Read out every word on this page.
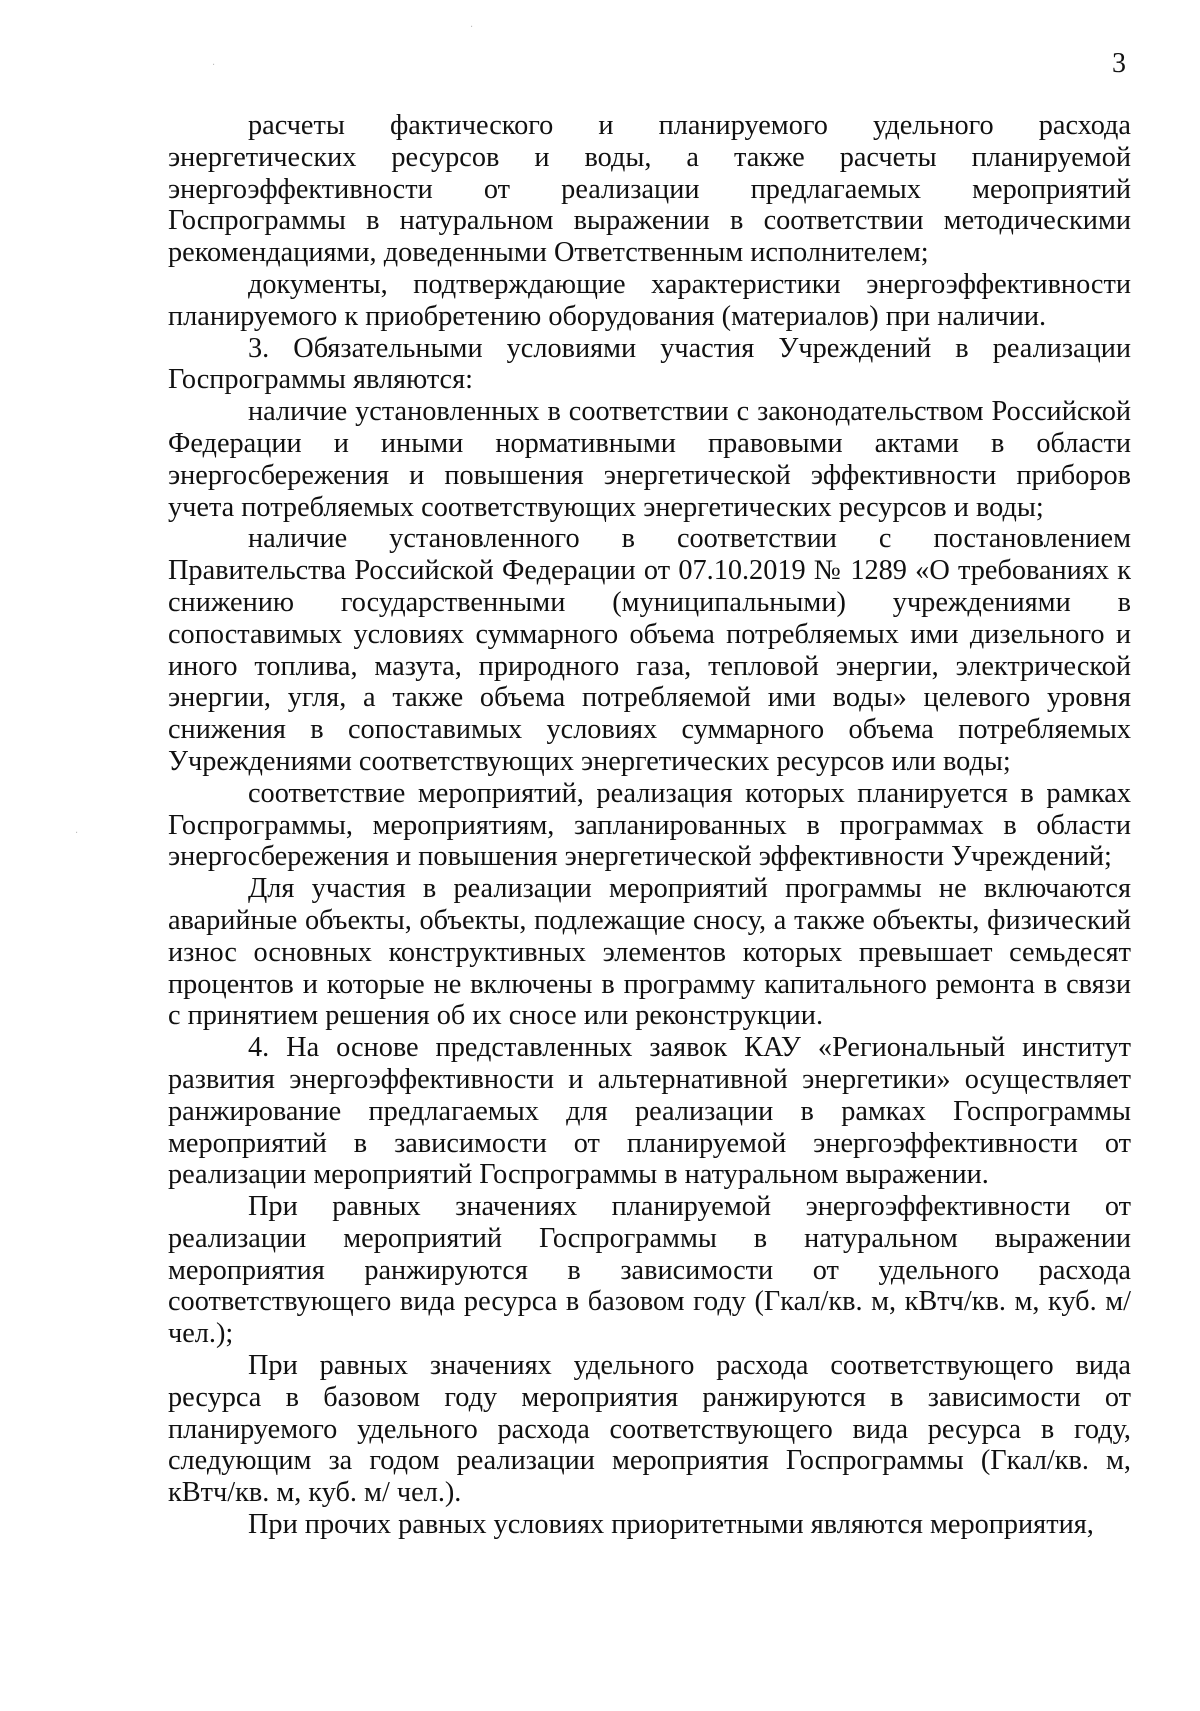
3
·
·
·

расчеты фактического и планируемого удельного расхода энергетических ресурсов и воды, а также расчеты планируемой энергоэффективности от реализации предлагаемых мероприятий Госпрограммы в натуральном выражении в соответствии методическими рекомендациями, доведенными Ответственным исполнителем;

документы, подтверждающие характеристики энергоэффективности планируемого к приобретению оборудования (материалов) при наличии.

3. Обязательными условиями участия Учреждений в реализации Госпрограммы являются:

наличие установленных в соответствии с законодательством Российской Федерации и иными нормативными правовыми актами в области энергосбережения и повышения энергетической эффективности приборов учета потребляемых соответствующих энергетических ресурсов и воды;

наличие установленного в соответствии с постановлением Правительства Российской Федерации от 07.10.2019 № 1289 «О требованиях к снижению государственными (муниципальными) учреждениями в сопоставимых условиях суммарного объема потребляемых ими дизельного и иного топлива, мазута, природного газа, тепловой энергии, электрической энергии, угля, а также объема потребляемой ими воды» целевого уровня снижения в сопоставимых условиях суммарного объема потребляемых Учреждениями соответствующих энергетических ресурсов или воды;

соответствие мероприятий, реализация которых планируется в рамках Госпрограммы, мероприятиям, запланированных в программах в области энергосбережения и повышения энергетической эффективности Учреждений;

Для участия в реализации мероприятий программы не включаются аварийные объекты, объекты, подлежащие сносу, а также объекты, физический износ основных конструктивных элементов которых превышает семьдесят процентов и которые не включены в программу капитального ремонта в связи с принятием решения об их сносе или реконструкции.

4. На основе представленных заявок КАУ «Региональный институт развития энергоэффективности и альтернативной энергетики» осуществляет ранжирование предлагаемых для реализации в рамках Госпрограммы мероприятий в зависимости от планируемой энергоэффективности от реализации мероприятий Госпрограммы в натуральном выражении.

При равных значениях планируемой энергоэффективности от реализации мероприятий Госпрограммы в натуральном выражении мероприятия ранжируются в зависимости от удельного расхода соответствующего вида ресурса в базовом году (Гкал/кв. м, кВтч/кв. м, куб. м/чел.);

При равных значениях удельного расхода соответствующего вида ресурса в базовом году мероприятия ранжируются в зависимости от планируемого удельного расхода соответствующего вида ресурса в году, следующим за годом реализации мероприятия Госпрограммы (Гкал/кв. м, кВтч/кв. м, куб. м/ чел.).

При прочих равных условиях приоритетными являются мероприятия,
